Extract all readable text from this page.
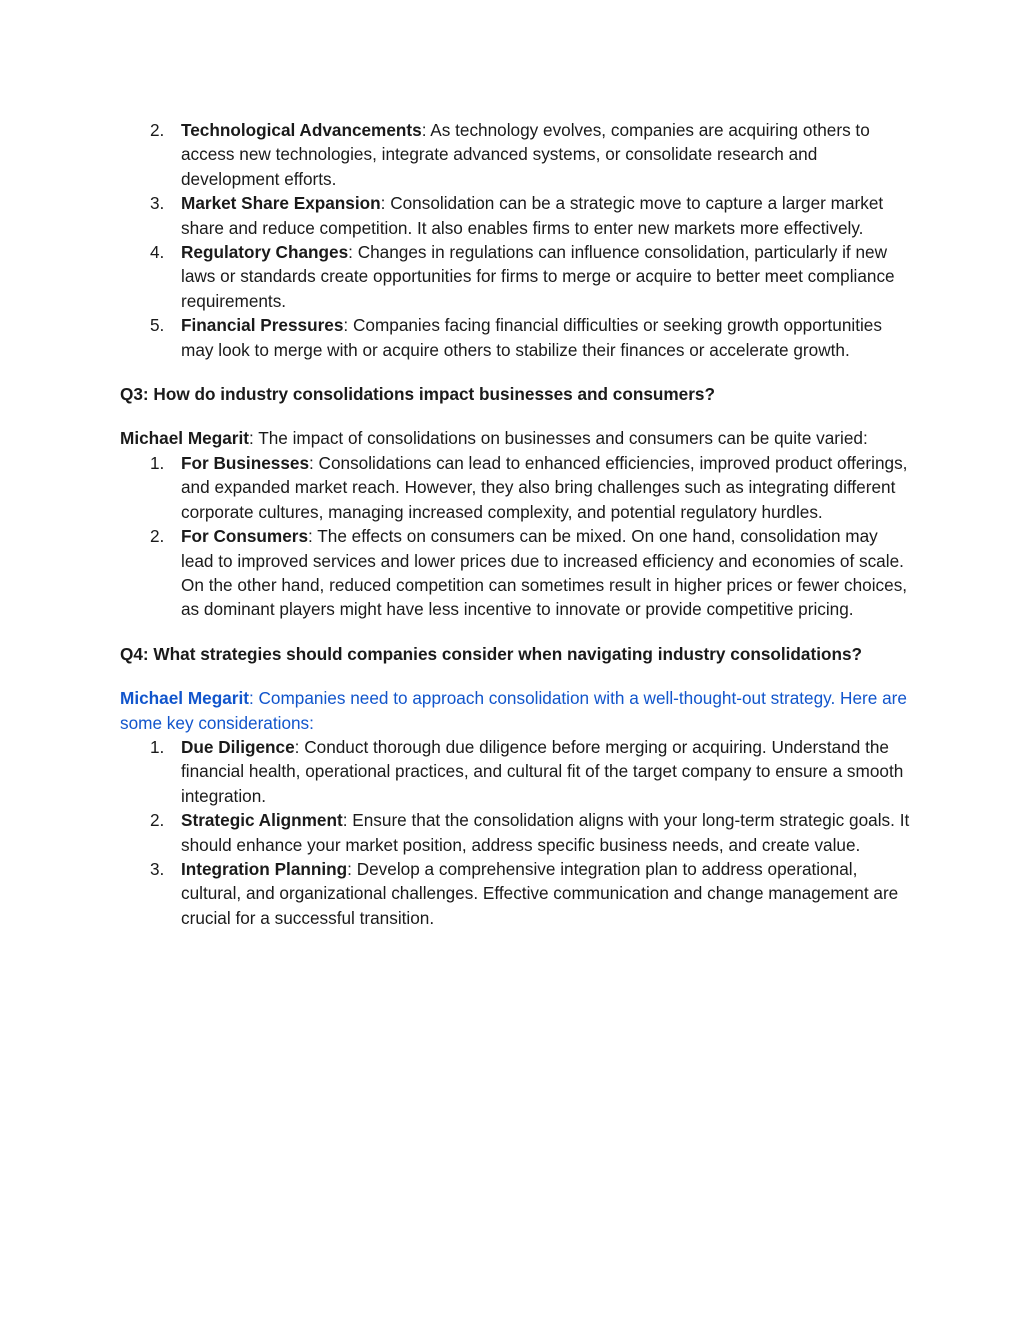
2. Technological Advancements: As technology evolves, companies are acquiring others to access new technologies, integrate advanced systems, or consolidate research and development efforts.
3. Market Share Expansion: Consolidation can be a strategic move to capture a larger market share and reduce competition. It also enables firms to enter new markets more effectively.
4. Regulatory Changes: Changes in regulations can influence consolidation, particularly if new laws or standards create opportunities for firms to merge or acquire to better meet compliance requirements.
5. Financial Pressures: Companies facing financial difficulties or seeking growth opportunities may look to merge with or acquire others to stabilize their finances or accelerate growth.

Q3: How do industry consolidations impact businesses and consumers?

Michael Megarit: The impact of consolidations on businesses and consumers can be quite varied:

1. For Businesses: Consolidations can lead to enhanced efficiencies, improved product offerings, and expanded market reach. However, they also bring challenges such as integrating different corporate cultures, managing increased complexity, and potential regulatory hurdles.
2. For Consumers: The effects on consumers can be mixed. On one hand, consolidation may lead to improved services and lower prices due to increased efficiency and economies of scale. On the other hand, reduced competition can sometimes result in higher prices or fewer choices, as dominant players might have less incentive to innovate or provide competitive pricing.

Q4: What strategies should companies consider when navigating industry consolidations?

Michael Megarit: Companies need to approach consolidation with a well-thought-out strategy. Here are some key considerations:

1. Due Diligence: Conduct thorough due diligence before merging or acquiring. Understand the financial health, operational practices, and cultural fit of the target company to ensure a smooth integration.
2. Strategic Alignment: Ensure that the consolidation aligns with your long-term strategic goals. It should enhance your market position, address specific business needs, and create value.
3. Integration Planning: Develop a comprehensive integration plan to address operational, cultural, and organizational challenges. Effective communication and change management are crucial for a successful transition.
